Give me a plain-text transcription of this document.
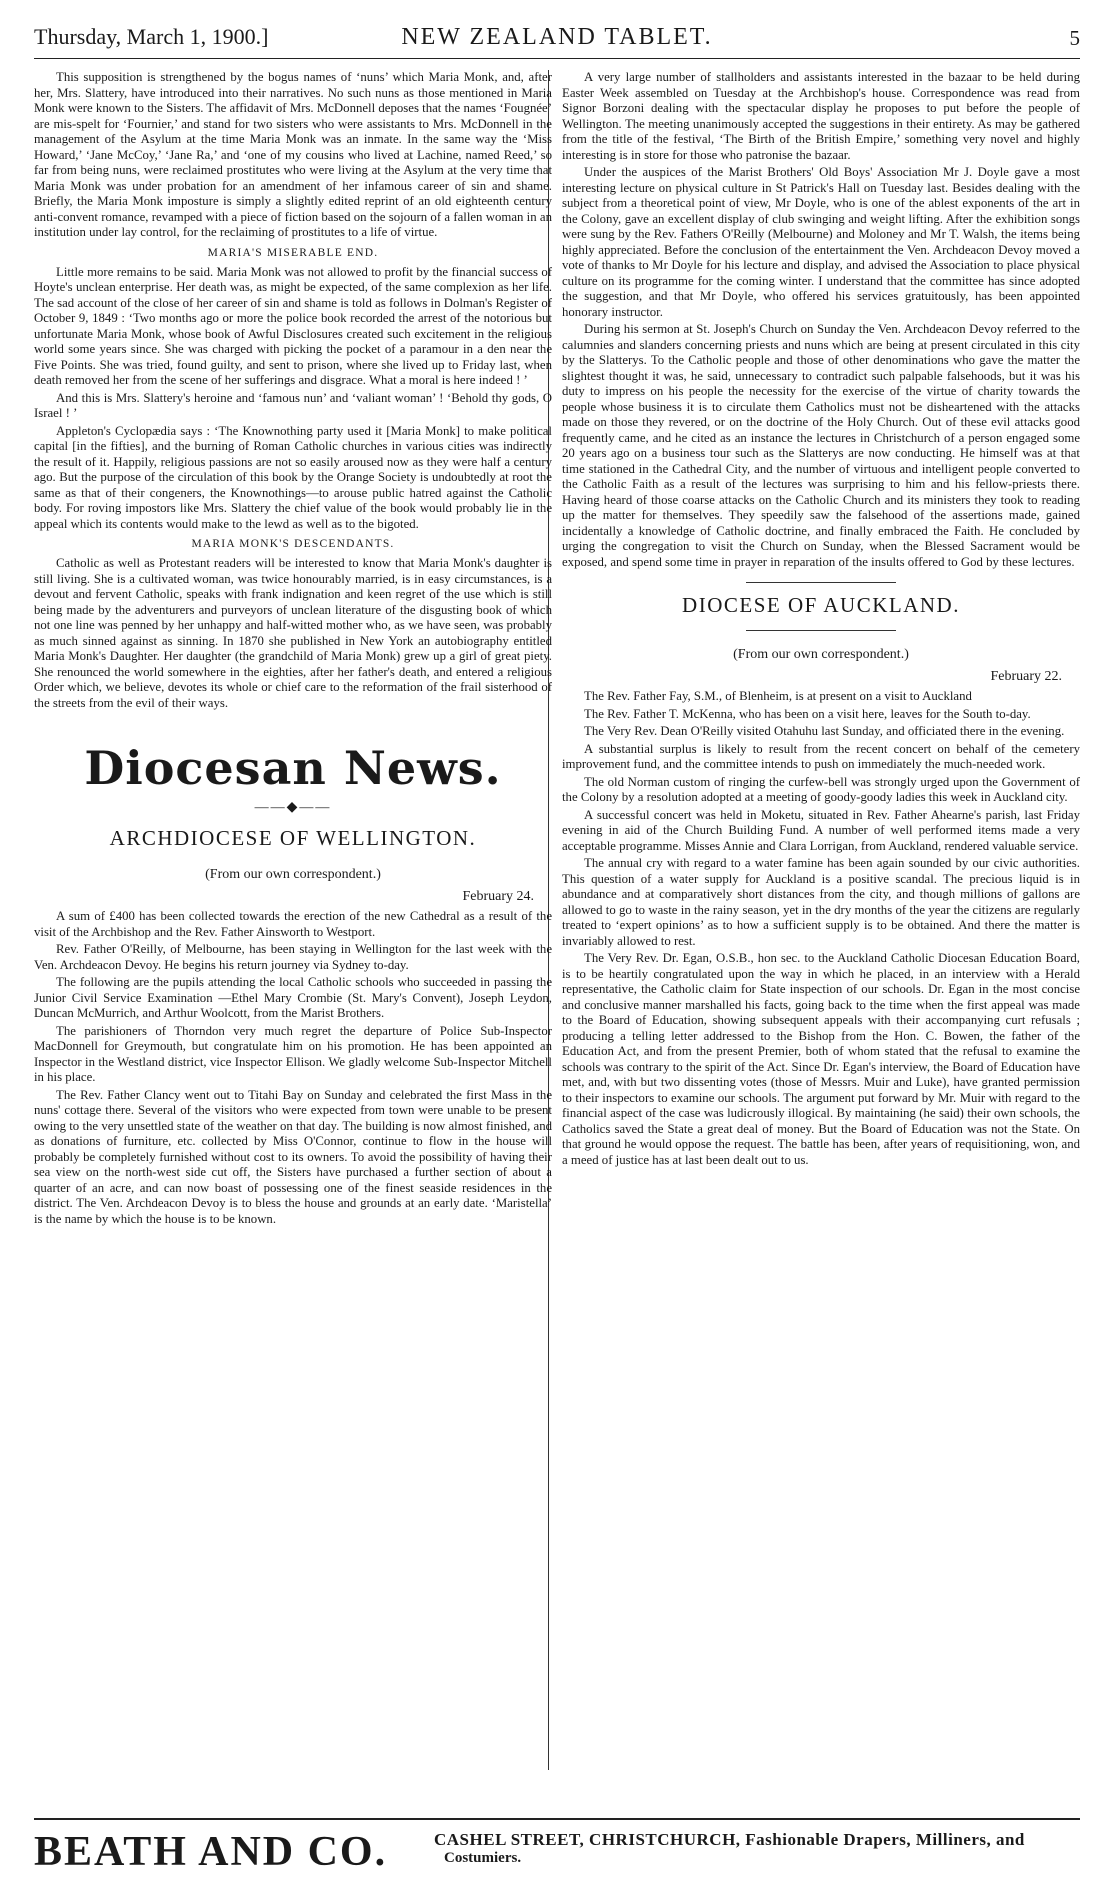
Thursday, March 1, 1900.]	NEW ZEALAND TABLET.	5

This supposition is strengthened by the bogus names of ‘nuns’ which Maria Monk, and, after her, Mrs. Slattery, have introduced into their narratives. No such nuns as those mentioned in Maria Monk were known to the Sisters. The affidavit of Mrs. McDonnell deposes that the names ‘Fougnée’ are mis-spelt for ‘Fournier,’ and stand for two sisters who were assistants to Mrs. McDonnell in the management of the Asylum at the time Maria Monk was an inmate. In the same way the ‘Miss Howard,’ ‘Jane McCoy,’ ‘Jane Ra,’ and ‘one of my cousins who lived at Lachine, named Reed,’ so far from being nuns, were reclaimed prostitutes who were living at the Asylum at the very time that Maria Monk was under probation for an amendment of her infamous career of sin and shame. Briefly, the Maria Monk imposture is simply a slightly edited reprint of an old eighteenth century anti-convent romance, revamped with a piece of fiction based on the sojourn of a fallen woman in an institution under lay control, for the reclaiming of prostitutes to a life of virtue.

MARIA'S MISERABLE END.

Little more remains to be said. Maria Monk was not allowed to profit by the financial success of Hoyte's unclean enterprise. Her death was, as might be expected, of the same complexion as her life. The sad account of the close of her career of sin and shame is told as follows in Dolman's Register of October 9, 1849 : ‘Two months ago or more the police book recorded the arrest of the notorious but unfortunate Maria Monk, whose book of Awful Disclosures created such excitement in the religious world some years since. She was charged with picking the pocket of a paramour in a den near the Five Points. She was tried, found guilty, and sent to prison, where she lived up to Friday last, when death removed her from the scene of her sufferings and disgrace. What a moral is here indeed ! ’

And this is Mrs. Slattery's heroine and ‘famous nun’ and ‘valiant woman’ ! ‘Behold thy gods, O Israel ! ’

Appleton's Cyclopædia says : ‘The Knownothing party used it [Maria Monk] to make political capital [in the fifties], and the burning of Roman Catholic churches in various cities was indirectly the result of it. Happily, religious passions are not so easily aroused now as they were half a century ago. But the purpose of the circulation of this book by the Orange Society is undoubtedly at root the same as that of their congeners, the Knownothings—to arouse public hatred against the Catholic body. For roving impostors like Mrs. Slattery the chief value of the book would probably lie in the appeal which its contents would make to the lewd as well as to the bigoted.

MARIA MONK'S DESCENDANTS.

Catholic as well as Protestant readers will be interested to know that Maria Monk's daughter is still living. She is a cultivated woman, was twice honourably married, is in easy circumstances, is a devout and fervent Catholic, speaks with frank indignation and keen regret of the use which is still being made by the adventurers and purveyors of unclean literature of the disgusting book of which not one line was penned by her unhappy and half-witted mother who, as we have seen, was probably as much sinned against as sinning. In 1870 she published in New York an autobiography entitled Maria Monk's Daughter. Her daughter (the grandchild of Maria Monk) grew up a girl of great piety. She renounced the world somewhere in the eighties, after her father's death, and entered a religious Order which, we believe, devotes its whole or chief care to the reformation of the frail sisterhood of the streets from the evil of their ways.

Diocesan News.
——◆——
ARCHDIOCESE OF WELLINGTON.
(From our own correspondent.)
February 24.

A sum of £400 has been collected towards the erection of the new Cathedral as a result of the visit of the Archbishop and the Rev. Father Ainsworth to Westport.

Rev. Father O'Reilly, of Melbourne, has been staying in Wellington for the last week with the Ven. Archdeacon Devoy. He begins his return journey via Sydney to-day.

The following are the pupils attending the local Catholic schools who succeeded in passing the Junior Civil Service Examination —Ethel Mary Crombie (St. Mary's Convent), Joseph Leydon, Duncan McMurrich, and Arthur Woolcott, from the Marist Brothers.

The parishioners of Thorndon very much regret the departure of Police Sub-Inspector MacDonnell for Greymouth, but congratulate him on his promotion. He has been appointed an Inspector in the Westland district, vice Inspector Ellison. We gladly welcome Sub-Inspector Mitchell in his place.

The Rev. Father Clancy went out to Titahi Bay on Sunday and celebrated the first Mass in the nuns' cottage there. Several of the visitors who were expected from town were unable to be present owing to the very unsettled state of the weather on that day. The building is now almost finished, and as donations of furniture, etc. collected by Miss O'Connor, continue to flow in the house will probably be completely furnished without cost to its owners. To avoid the possibility of having their sea view on the north-west side cut off, the Sisters have purchased a further section of about a quarter of an acre, and can now boast of possessing one of the finest seaside residences in the district. The Ven. Archdeacon Devoy is to bless the house and grounds at an early date. ‘Maristella’ is the name by which the house is to be known.

A very large number of stallholders and assistants interested in the bazaar to be held during Easter Week assembled on Tuesday at the Archbishop's house. Correspondence was read from Signor Borzoni dealing with the spectacular display he proposes to put before the people of Wellington. The meeting unanimously accepted the suggestions in their entirety. As may be gathered from the title of the festival, ‘The Birth of the British Empire,’ something very novel and highly interesting is in store for those who patronise the bazaar.

Under the auspices of the Marist Brothers' Old Boys' Association Mr J. Doyle gave a most interesting lecture on physical culture in St Patrick's Hall on Tuesday last. Besides dealing with the subject from a theoretical point of view, Mr Doyle, who is one of the ablest exponents of the art in the Colony, gave an excellent display of club swinging and weight lifting. After the exhibition songs were sung by the Rev. Fathers O'Reilly (Melbourne) and Moloney and Mr T. Walsh, the items being highly appreciated. Before the conclusion of the entertainment the Ven. Archdeacon Devoy moved a vote of thanks to Mr Doyle for his lecture and display, and advised the Association to place physical culture on its programme for the coming winter. I understand that the committee has since adopted the suggestion, and that Mr Doyle, who offered his services gratuitously, has been appointed honorary instructor.

During his sermon at St. Joseph's Church on Sunday the Ven. Archdeacon Devoy referred to the calumnies and slanders concerning priests and nuns which are being at present circulated in this city by the Slatterys. To the Catholic people and those of other denominations who gave the matter the slightest thought it was, he said, unnecessary to contradict such palpable falsehoods, but it was his duty to impress on his people the necessity for the exercise of the virtue of charity towards the people whose business it is to circulate them Catholics must not be disheartened with the attacks made on those they revered, or on the doctrine of the Holy Church. Out of these evil attacks good frequently came, and he cited as an instance the lectures in Christchurch of a person engaged some 20 years ago on a business tour such as the Slatterys are now conducting. He himself was at that time stationed in the Cathedral City, and the number of virtuous and intelligent people converted to the Catholic Faith as a result of the lectures was surprising to him and his fellow-priests there. Having heard of those coarse attacks on the Catholic Church and its ministers they took to reading up the matter for themselves. They speedily saw the falsehood of the assertions made, gained incidentally a knowledge of Catholic doctrine, and finally embraced the Faith. He concluded by urging the congregation to visit the Church on Sunday, when the Blessed Sacrament would be exposed, and spend some time in prayer in reparation of the insults offered to God by these lectures.

DIOCESE OF AUCKLAND.
(From our own correspondent.)
February 22.

The Rev. Father Fay, S.M., of Blenheim, is at present on a visit to Auckland

The Rev. Father T. McKenna, who has been on a visit here, leaves for the South to-day.

The Very Rev. Dean O'Reilly visited Otahuhu last Sunday, and officiated there in the evening.

A substantial surplus is likely to result from the recent concert on behalf of the cemetery improvement fund, and the committee intends to push on immediately the much-needed work.

The old Norman custom of ringing the curfew-bell was strongly urged upon the Government of the Colony by a resolution adopted at a meeting of goody-goody ladies this week in Auckland city.

A successful concert was held in Moketu, situated in Rev. Father Ahearne's parish, last Friday evening in aid of the Church Building Fund. A number of well performed items made a very acceptable programme. Misses Annie and Clara Lorrigan, from Auckland, rendered valuable service.

The annual cry with regard to a water famine has been again sounded by our civic authorities. This question of a water supply for Auckland is a positive scandal. The precious liquid is in abundance and at comparatively short distances from the city, and though millions of gallons are allowed to go to waste in the rainy season, yet in the dry months of the year the citizens are regularly treated to ‘expert opinions’ as to how a sufficient supply is to be obtained. And there the matter is invariably allowed to rest.

The Very Rev. Dr. Egan, O.S.B., hon sec. to the Auckland Catholic Diocesan Education Board, is to be heartily congratulated upon the way in which he placed, in an interview with a Herald representative, the Catholic claim for State inspection of our schools. Dr. Egan in the most concise and conclusive manner marshalled his facts, going back to the time when the first appeal was made to the Board of Education, showing subsequent appeals with their accompanying curt refusals ; producing a telling letter addressed to the Bishop from the Hon. C. Bowen, the father of the Education Act, and from the present Premier, both of whom stated that the refusal to examine the schools was contrary to the spirit of the Act. Since Dr. Egan's interview, the Board of Education have met, and, with but two dissenting votes (those of Messrs. Muir and Luke), have granted permission to their inspectors to examine our schools. The argument put forward by Mr. Muir with regard to the financial aspect of the case was ludicrously illogical. By maintaining (he said) their own schools, the Catholics saved the State a great deal of money. But the Board of Education was not the State. On that ground he would oppose the request. The battle has been, after years of requisitioning, won, and a meed of justice has at last been dealt out to us.

BEATH AND CO.	CASHEL STREET, CHRISTCHURCH, Fashionable Drapers, Milliners, and
Costumiers.
